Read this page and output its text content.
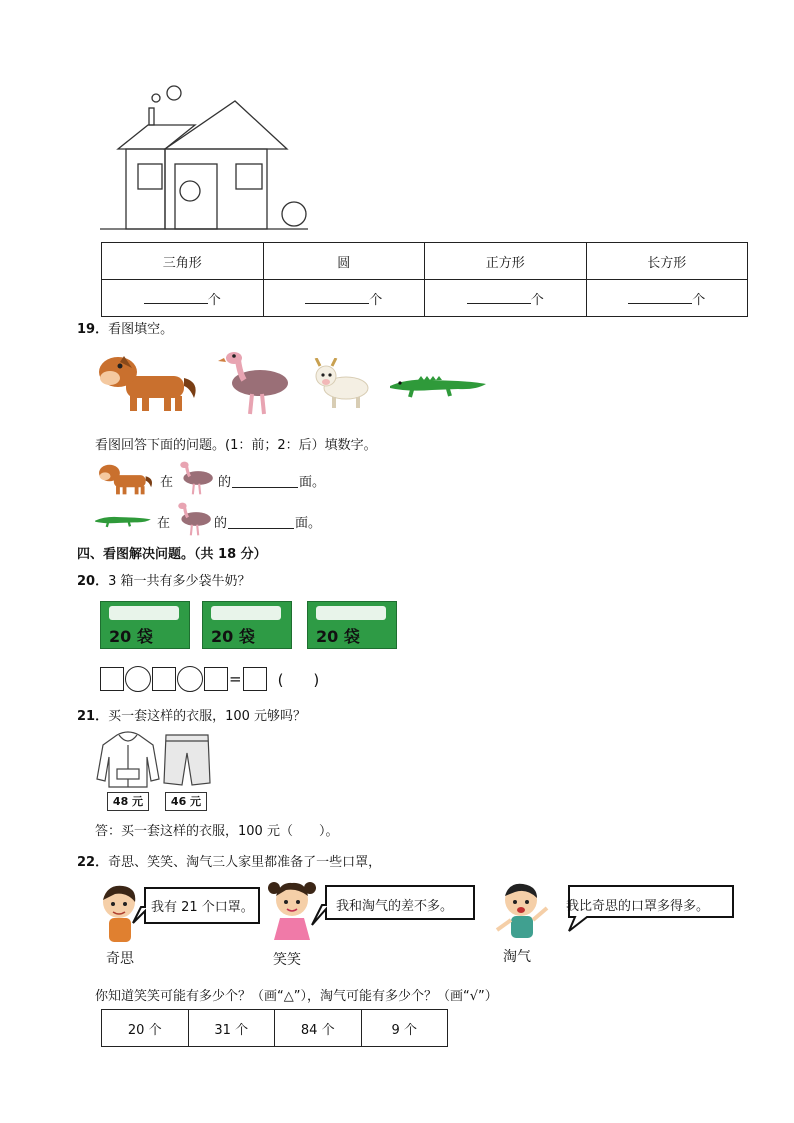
三角形	圆	正方形	长方形
个	个	个	个
19．看图填空。
看图回答下面的问题。(1：前；2：后）填数字。
在	的	面。
在	的	面。
四、看图解决问题。（共 18 分）
20．3 箱一共有多少袋牛奶？
20 袋	20 袋	20 袋
= (　　)
21．买一套这样的衣服，100 元够吗？
48 元	46 元
答：买一套这样的衣服，100 元（　　）。
22．奇思、笑笑、淘气三人家里都准备了一些口罩，
奇思
我有 21 个口罩。
笑笑
我和淘气的差不多。
淘气
我比奇思的口罩多得多。
你知道笑笑可能有多少个？（画“△”），淘气可能有多少个？（画“√”）
20 个	31 个	84 个	9 个
